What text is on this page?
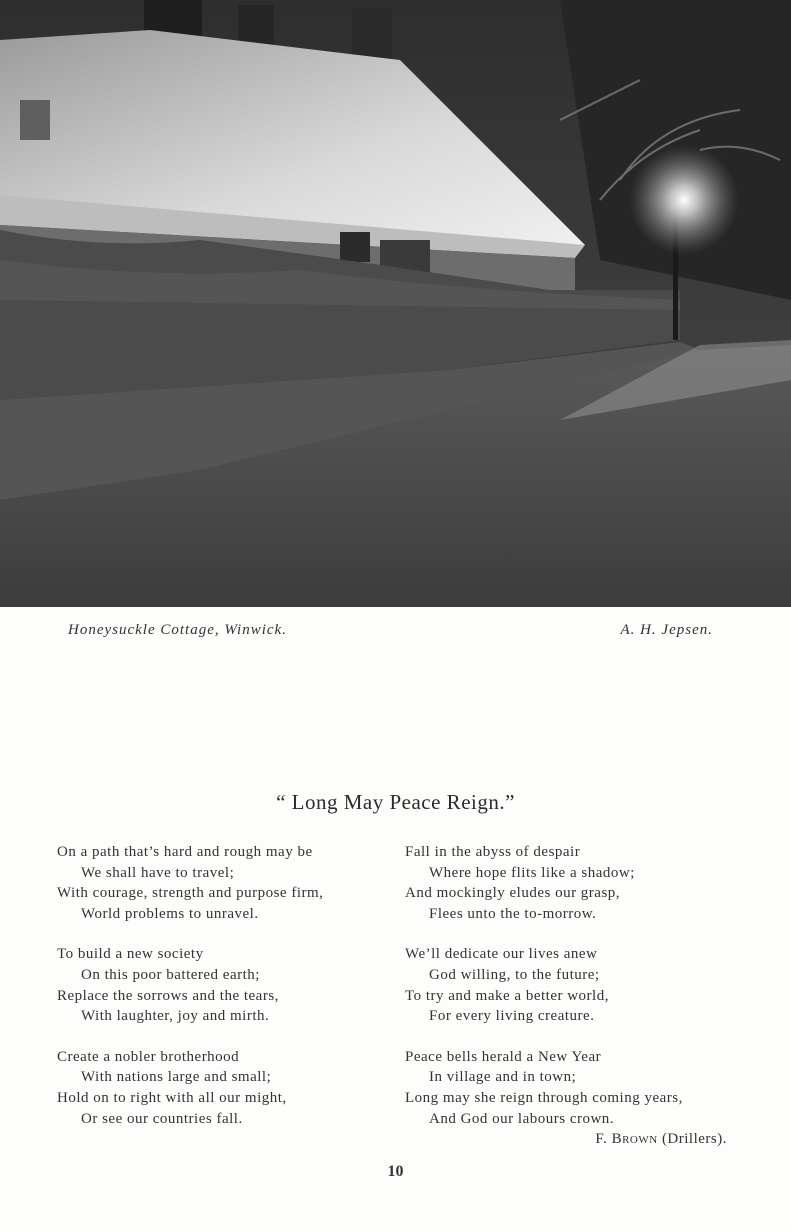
Honeysuckle Cottage, Winwick.	A. H. Jepsen.
“ Long May Peace Reign.”
On a path that’s hard and rough may be
We shall have to travel;
With courage, strength and purpose firm,
World problems to unravel.
To build a new society
On this poor battered earth;
Replace the sorrows and the tears,
With laughter, joy and mirth.
Create a nobler brotherhood
With nations large and small;
Hold on to right with all our might,
Or see our countries fall.
Fall in the abyss of despair
Where hope flits like a shadow;
And mockingly eludes our grasp,
Flees unto the to-morrow.
We’ll dedicate our lives anew
God willing, to the future;
To try and make a better world,
For every living creature.
Peace bells herald a New Year
In village and in town;
Long may she reign through coming years,
And God our labours crown.
F. Brown (Drillers).
10
